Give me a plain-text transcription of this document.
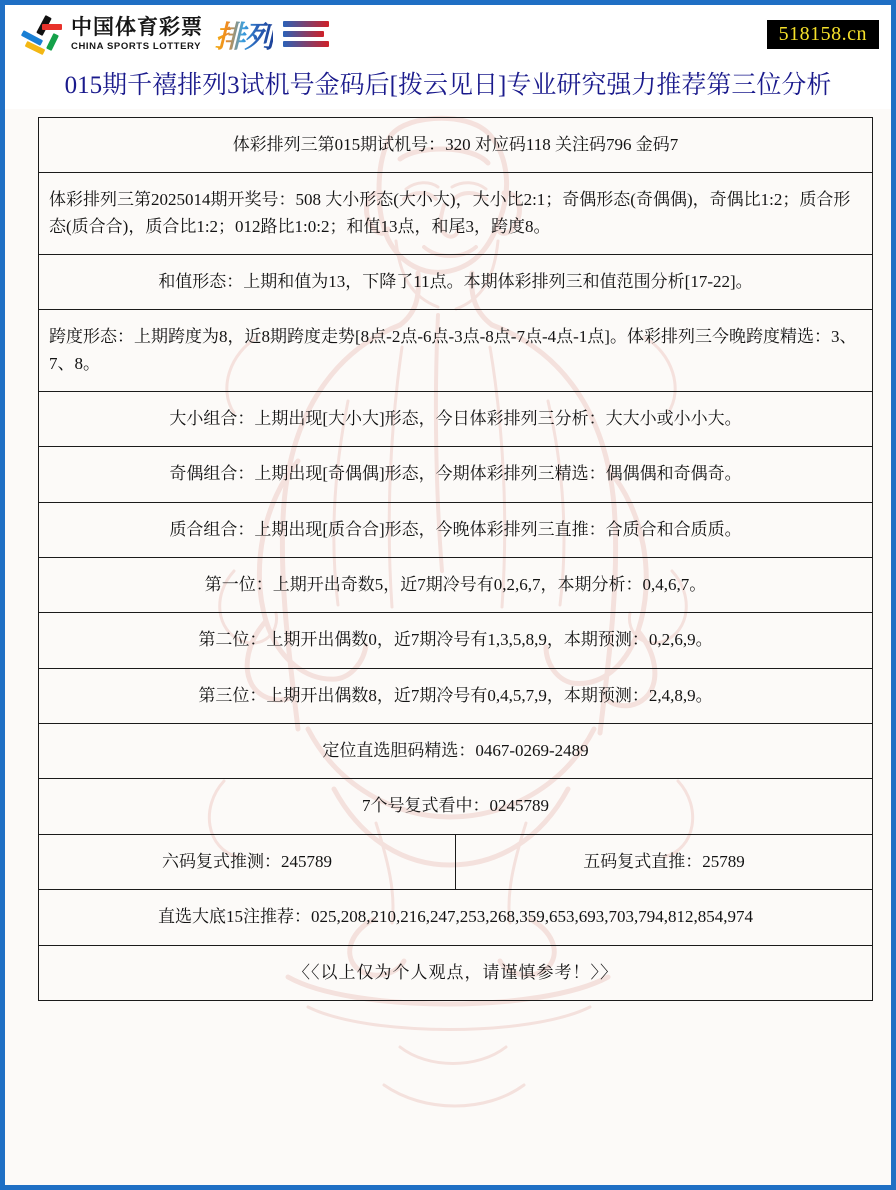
中国体育彩票
CHINA SPORTS LOTTERY 排列	518158.cn
015期千禧排列3试机号金码后[拨云见日]专业研究强力推荐第三位分析
体彩排列三第015期试机号：320 对应码118 关注码796 金码7
体彩排列三第2025014期开奖号：508 大小形态(大小大)，大小比2:1；奇偶形态(奇偶偶)，奇偶比1:2；质合形态(质合合)，质合比1:2；012路比1:0:2；和值13点，和尾3，跨度8。
和值形态：上期和值为13，下降了11点。本期体彩排列三和值范围分析[17-22]。
跨度形态：上期跨度为8，近8期跨度走势[8点-2点-6点-3点-8点-7点-4点-1点]。体彩排列三今晚跨度精选：3、7、8。
大小组合：上期出现[大小大]形态，今日体彩排列三分析：大大小或小小大。
奇偶组合：上期出现[奇偶偶]形态，今期体彩排列三精选：偶偶偶和奇偶奇。
质合组合：上期出现[质合合]形态，今晚体彩排列三直推：合质合和合质质。
第一位：上期开出奇数5，近7期冷号有0,2,6,7，本期分析：0,4,6,7。
第二位：上期开出偶数0，近7期冷号有1,3,5,8,9，本期预测：0,2,6,9。
第三位：上期开出偶数8，近7期冷号有0,4,5,7,9，本期预测：2,4,8,9。
定位直选胆码精选：0467-0269-2489
7个号复式看中：0245789
六码复式推测：245789	五码复式直推：25789
直选大底15注推荐：025,208,210,216,247,253,268,359,653,693,703,794,812,854,974
〈〈以上仅为个人观点，请谨慎参考！〉〉
